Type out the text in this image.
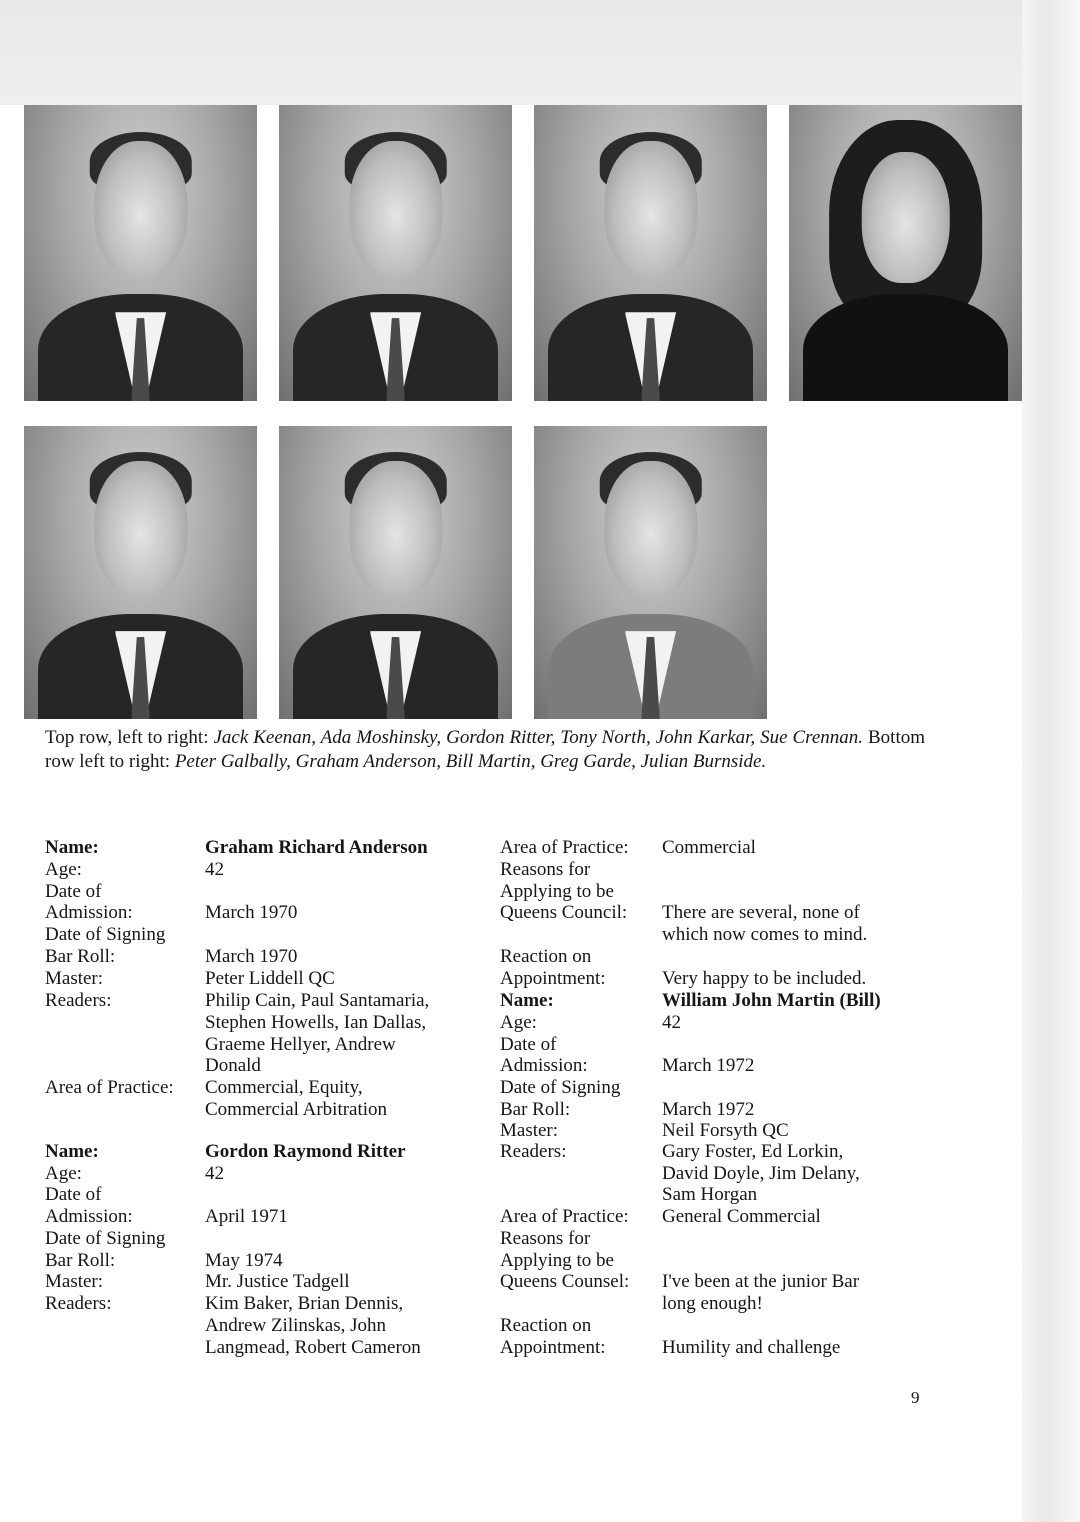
Top row, left to right: Jack Keenan, Ada Moshinsky, Gordon Ritter, Tony North, John Karkar, Sue Crennan. Bottom row left to right: Peter Galbally, Graham Anderson, Bill Martin, Greg Garde, Julian Burnside.

Name:	Graham Richard Anderson
Age:	42
Date of
Admission:	March 1970
Date of Signing
Bar Roll:	March 1970
Master:	Peter Liddell QC
Readers:	Philip Cain, Paul Santamaria,
Stephen Howells, Ian Dallas,
Graeme Hellyer, Andrew
Donald
Area of Practice: Commercial, Equity,
Commercial Arbitration
Name:	Gordon Raymond Ritter
Age:	42
Date of
Admission:	April 1971
Date of Signing
Bar Roll:	May 1974
Master:	Mr. Justice Tadgell
Readers:	Kim Baker, Brian Dennis,
Andrew Zilinskas, John
Langmead, Robert Cameron
Area of Practice: Commercial
Reasons for
Applying to be
Queens Council: There are several, none of
which now comes to mind.
Reaction on
Appointment:	Very happy to be included.
Name:	William John Martin (Bill)
Age:	42
Date of
Admission:	March 1972
Date of Signing
Bar Roll:	March 1972
Master:	Neil Forsyth QC
Readers:	Gary Foster, Ed Lorkin,
David Doyle, Jim Delany,
Sam Horgan
Area of Practice: General Commercial
Reasons for
Applying to be
Queens Counsel: I've been at the junior Bar
long enough!
Reaction on
Appointment:	Humility and challenge
9
